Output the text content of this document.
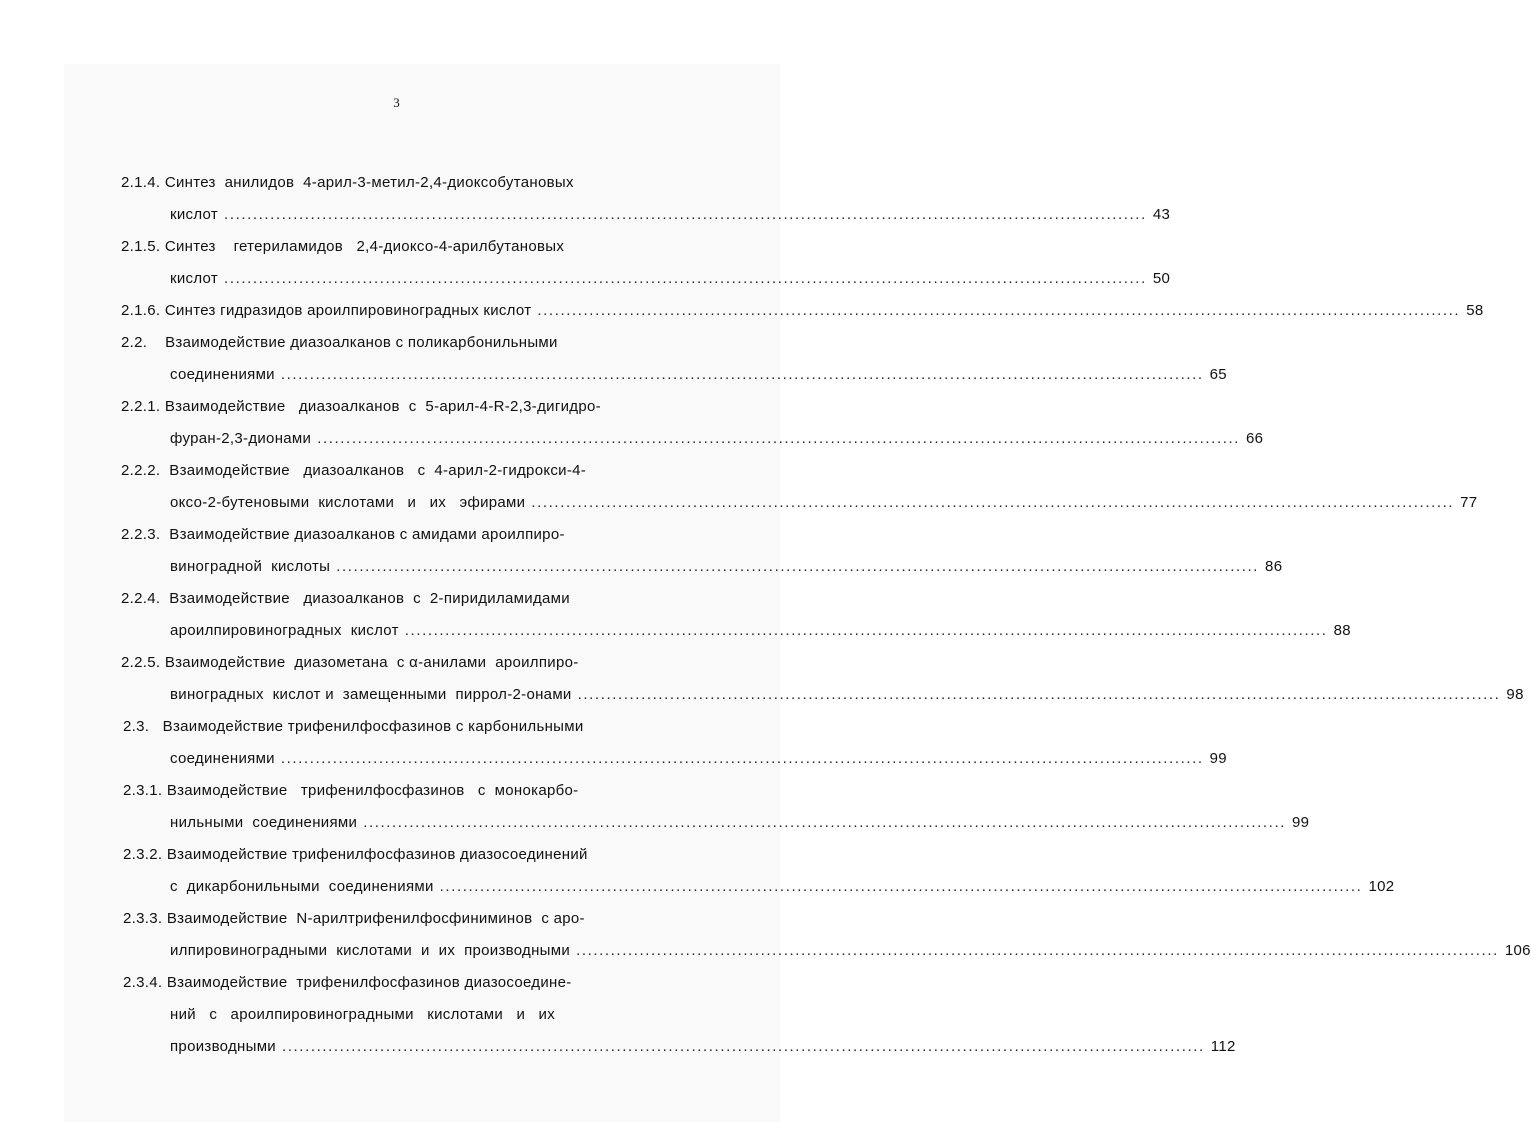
3
2.1.4. Синтез  анилидов  4-арил-3-метил-2,4-диоксобутановых
кислот ................................................................................................................................................................ 43
2.1.5. Синтез    гетериламидов   2,4-диоксо-4-арилбутановых
кислот ................................................................................................................................................................ 50
2.1.6. Синтез гидразидов ароилпировиноградных кислот ................................................................................................................................................................ 58
2.2. Взаимодействие диазоалканов с поликарбонильными
соединениями ................................................................................................................................................................ 65
2.2.1. Взаимодействие   диазоалканов  с  5-арил-4-R-2,3-дигидро-
фуран-2,3-дионами ................................................................................................................................................................ 66
2.2.2. Взаимодействие   диазоалканов   с  4-арил-2-гидрокси-4-
оксо-2-бутеновыми  кислотами   и   их   эфирами ................................................................................................................................................................ 77
2.2.3. Взаимодействие диазоалканов с амидами ароилпиро-
виноградной  кислоты ................................................................................................................................................................ 86
2.2.4. Взаимодействие   диазоалканов  с  2-пиридиламидами
ароилпировиноградных  кислот ................................................................................................................................................................ 88
2.2.5. Взаимодействие  диазометана  с α-анилами  ароилпиро-
виноградных  кислот и  замещенными  пиррол-2-онами ................................................................................................................................................................ 98
2.3. Взаимодействие трифенилфосфазинов с карбонильными
соединениями ................................................................................................................................................................ 99
2.3.1. Взаимодействие   трифенилфосфазинов   с  монокарбо-
нильными  соединениями ................................................................................................................................................................ 99
2.3.2. Взаимодействие трифенилфосфазинов диазосоединений
с  дикарбонильными  соединениями ................................................................................................................................................................ 102
2.3.3. Взаимодействие  N-арилтрифенилфосфиниминов  с аро-
илпировиноградными  кислотами  и  их  производными ................................................................................................................................................................ 106
2.3.4. Взаимодействие  трифенилфосфазинов диазосоедине-
ний   с   ароилпировиноградными   кислотами   и   их
производными ................................................................................................................................................................ 112
